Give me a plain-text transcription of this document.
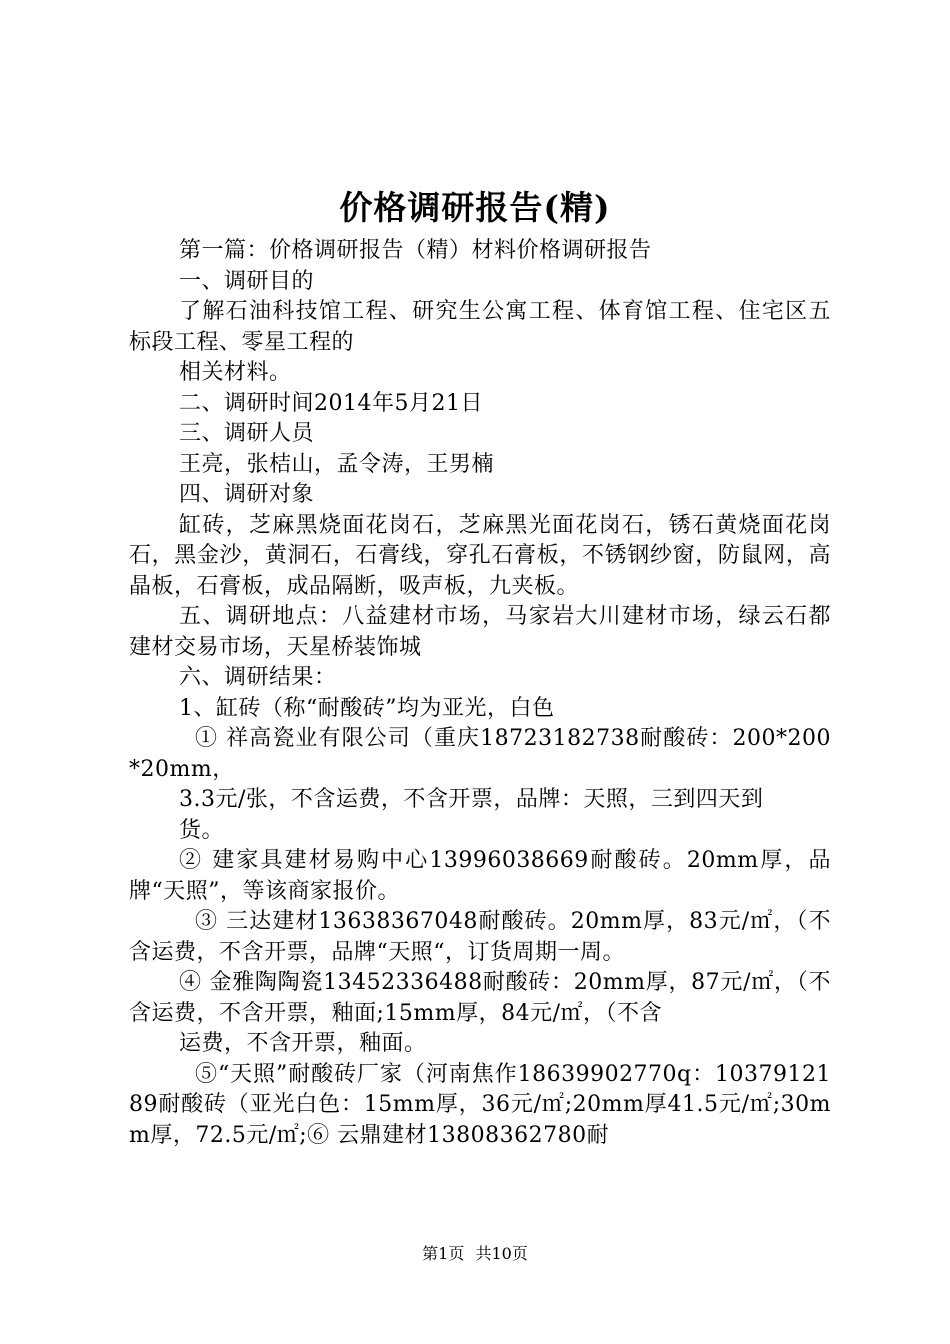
价格调研报告(精)

第一篇：价格调研报告（精）材料价格调研报告

一、调研目的

了解石油科技馆工程、研究生公寓工程、体育馆工程、住宅区五标段工程、零星工程的

相关材料。

二、调研时间2014年5月21日

三、调研人员

王亮，张桔山，孟令涛，王男楠

四、调研对象

缸砖，芝麻黑烧面花岗石，芝麻黑光面花岗石，锈石黄烧面花岗石，黑金沙，黄洞石，石膏线，穿孔石膏板，不锈钢纱窗，防鼠网，高晶板，石膏板，成品隔断，吸声板，九夹板。

五、调研地点：八益建材市场，马家岩大川建材市场，绿云石都建材交易市场，天星桥装饰城

六、调研结果：

1、缸砖（称“耐酸砖”均为亚光，白色

① 祥高瓷业有限公司（重庆18723182738耐酸砖：200*200*20mm，

3.3元/张，不含运费，不含开票，品牌：天照，三到四天到

货。

② 建家具建材易购中心13996038669耐酸砖。20mm厚，品牌“天照”，等该商家报价。

③ 三达建材13638367048耐酸砖。20mm厚，83元/㎡，（不含运费，不含开票，品牌“天照“，订货周期一周。

④ 金雅陶陶瓷13452336488耐酸砖：20mm厚，87元/㎡，（不含运费，不含开票，釉面;15mm厚，84元/㎡，（不含

运费，不含开票，釉面。

⑤“天照”耐酸砖厂家（河南焦作18639902770q：1037912189耐酸砖（亚光白色：15mm厚，36元/㎡;20mm厚41.5元/㎡;30mm厚，72.5元/㎡;⑥ 云鼎建材13808362780耐

第1页 共10页
